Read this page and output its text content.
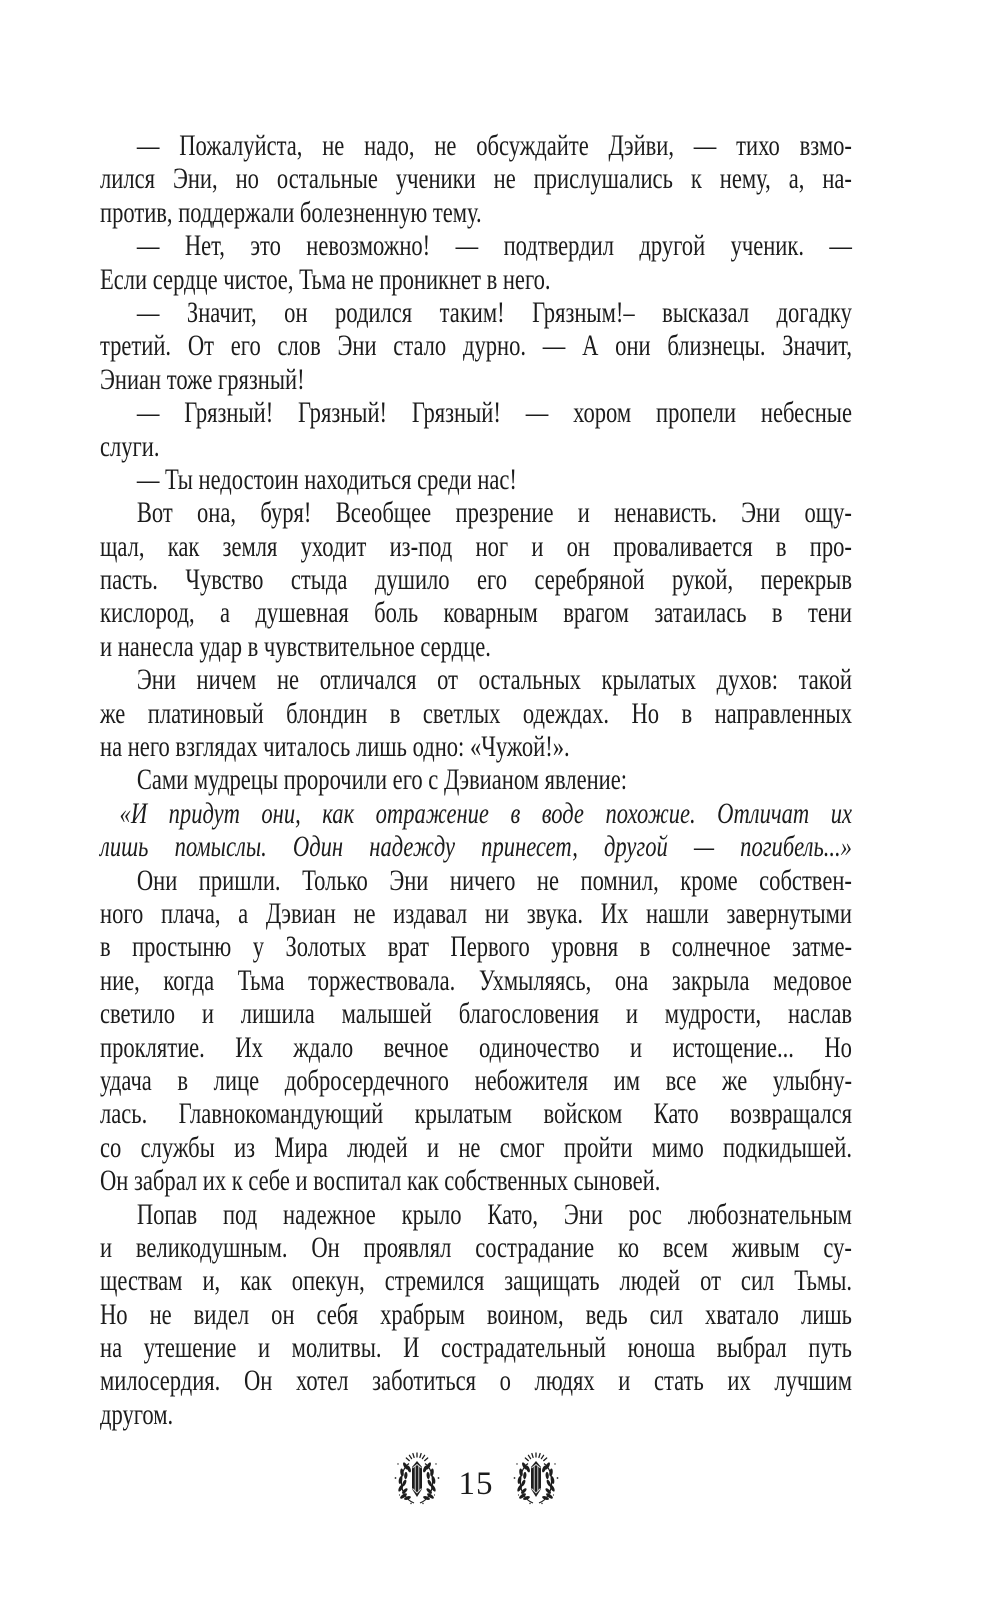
— Пожалуйста, не надо, не обсуждайте Дэйви, — тихо взмо-
лился Эни, но остальные ученики не прислушались к нему, а, на-
против, поддержали болезненную тему.
— Нет, это невозможно! — подтвердил другой ученик. —
Если сердце чистое, Тьма не проникнет в него.
— Значит, он родился таким! Грязным!– высказал догадку
третий. От его слов Эни стало дурно. — А они близнецы. Значит,
Эниан тоже грязный!
— Грязный! Грязный! Грязный! — хором пропели небесные
слуги.
— Ты недостоин находиться среди нас!
Вот она, буря! Всеобщее презрение и ненависть. Эни ощу-
щал, как земля уходит из-под ног и он проваливается в про-
пасть. Чувство стыда душило его серебряной рукой, перекрыв
кислород, а душевная боль коварным врагом затаилась в тени
и нанесла удар в чувствительное сердце.
Эни ничем не отличался от остальных крылатых духов: такой
же платиновый блондин в светлых одеждах. Но в направленных
на него взглядах читалось лишь одно: «Чужой!».
Сами мудрецы пророчили его с Дэвианом явление:
«И придут они, как отражение в воде похожие. Отличат их
лишь помыслы. Один надежду принесет, другой — погибель...»
Они пришли. Только Эни ничего не помнил, кроме собствен-
ного плача, а Дэвиан не издавал ни звука. Их нашли завернутыми
в простыню у Золотых врат Первого уровня в солнечное затме-
ние, когда Тьма торжествовала. Ухмыляясь, она закрыла медовое
светило и лишила малышей благословения и мудрости, наслав
проклятие. Их ждало вечное одиночество и истощение... Но
удача в лице добросердечного небожителя им все же улыбну-
лась. Главнокомандующий крылатым войском Като возвращался
со службы из Мира людей и не смог пройти мимо подкидышей.
Он забрал их к себе и воспитал как собственных сыновей.
Попав под надежное крыло Като, Эни рос любознательным
и великодушным. Он проявлял сострадание ко всем живым су-
ществам и, как опекун, стремился защищать людей от сил Тьмы.
Но не видел он себя храбрым воином, ведь сил хватало лишь
на утешение и молитвы. И сострадательный юноша выбрал путь
милосердия. Он хотел заботиться о людях и стать их лучшим
другом.
15
